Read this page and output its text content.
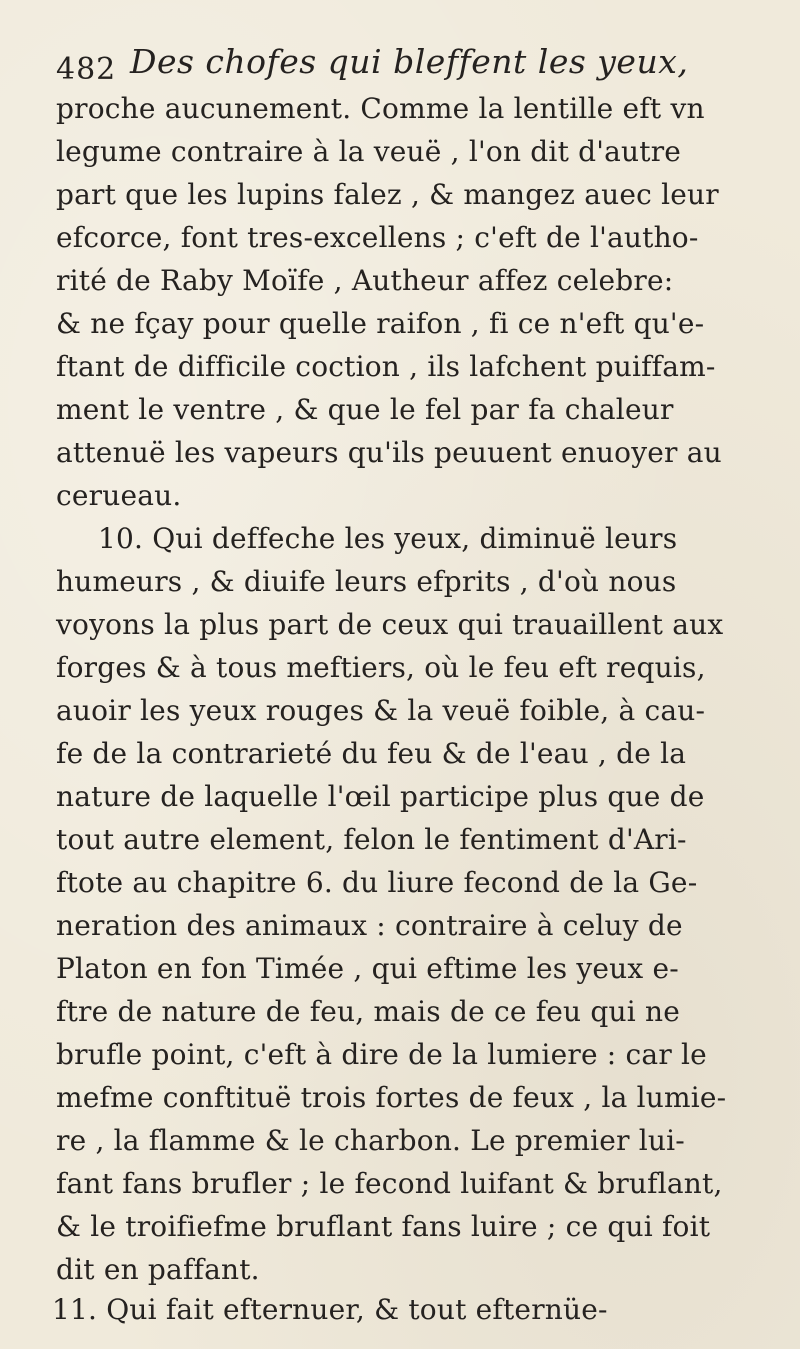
482 Des chofes qui bleffent les yeux,
proche aucunement. Comme la lentille eft vn
legume contraire à la veuë , l'on dit d'autre
part que les lupins falez , & mangez auec leur
efcorce, font tres-excellens ; c'eft de l'autho-
rité de Raby Moïfe , Autheur affez celebre:
& ne fçay pour quelle raifon , fi ce n'eft qu'e-
ftant de difficile coction , ils lafchent puiffam-
ment le ventre , & que le fel par fa chaleur
attenuë les vapeurs qu'ils peuuent enuoyer au
cerueau.
10. Qui deffeche les yeux, diminuë leurs
humeurs , & diuife leurs efprits , d'où nous
voyons la plus part de ceux qui trauaillent aux
forges & à tous meftiers, où le feu eft requis,
auoir les yeux rouges & la veuë foible, à cau-
fe de la contrarieté du feu & de l'eau , de la
nature de laquelle l'œil participe plus que de
tout autre element, felon le fentiment d'Ari-
ftote au chapitre 6. du liure fecond de la Ge-
neration des animaux : contraire à celuy de
Platon en fon Timée , qui eftime les yeux e-
ftre de nature de feu, mais de ce feu qui ne
brufle point, c'eft à dire de la lumiere : car le
mefme conftituë trois fortes de feux , la lumie-
re , la flamme & le charbon. Le premier lui-
fant fans brufler ; le fecond luifant & bruflant,
& le troifiefme bruflant fans luire ; ce qui foit
dit en paffant.
11. Qui fait efternuer, & tout efternüe-
